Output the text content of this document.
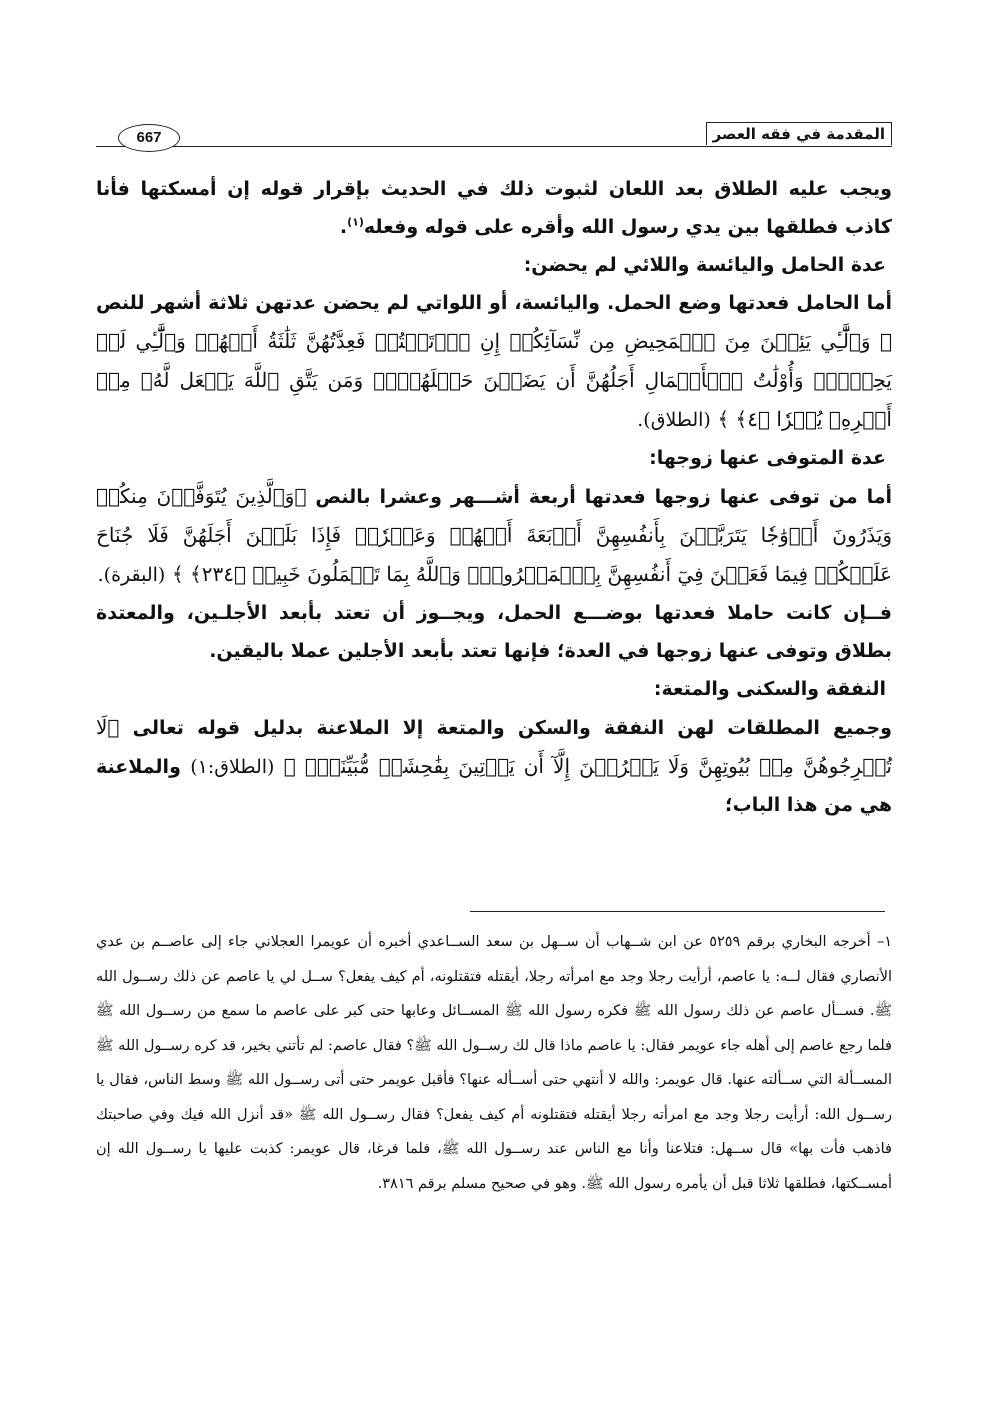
المقدمة في فقه العصر
667

ويجب عليه الطلاق بعد اللعان لثبوت ذلك في الحديث بإقرار قوله إن أمسكتها فأنا كاذب فطلقها بين يدي رسول الله وأقره على قوله وفعله$^{(١)}$.

عدة الحامل واليائسة واللائي لم يحضن:

أما الحامل فعدتها وضع الحمل. واليائسة، أو اللواتي لم يحضن عدتهن ثلاثة أشهر للنص ﴿ وَٱلَّٰٓـِٔي يَئِسۡنَ مِنَ ٱلۡمَحِيضِ مِن نِّسَآئِكُمۡ إِنِ ٱرۡتَبۡتُمۡ فَعِدَّتُهُنَّ ثَلَٰثَةُ أَشۡهُرٖ وَٱلَّٰٓـِٔي لَمۡ يَحِضۡنَۚ وَأُوْلَٰتُ ٱلۡأَحۡمَالِ أَجَلُهُنَّ أَن يَضَعۡنَ حَمۡلَهُنَّۚ وَمَن يَتَّقِ ٱللَّهَ يَجۡعَل لَّهُۥ مِنۡ أَمۡرِهِۦ يُسۡرٗا ﴿٤﴾ ﴾ (الطلاق).

عدة المتوفى عنها زوجها:

أما من توفى عنها زوجها فعدتها أربعة أشـــهر وعشرا بالنص ﴿وَٱلَّذِينَ يُتَوَفَّوۡنَ مِنكُمۡ وَيَذَرُونَ أَزۡوَٰجٗا يَتَرَبَّصۡنَ بِأَنفُسِهِنَّ أَرۡبَعَةَ أَشۡهُرٖ وَعَشۡرٗاۖ فَإِذَا بَلَغۡنَ أَجَلَهُنَّ فَلَا جُنَاحَ عَلَيۡكُمۡ فِيمَا فَعَلۡنَ فِيٓ أَنفُسِهِنَّ بِٱلۡمَعۡرُوفِۗ وَٱللَّهُ بِمَا تَعۡمَلُونَ خَبِيرٞ ﴿٢٣٤﴾ ﴾ (البقرة).

فــإن كانت حاملا فعدتها بوضـــع الحمل، ويجــوز أن تعتد بأبعد الأجلـين، والمعتدة بطلاق وتوفى عنها زوجها في العدة؛ فإنها تعتد بأبعد الأجلين عملا باليقين.

النفقة والسكنى والمتعة:

وجميع المطلقات لهن النفقة والسكن والمتعة إلا الملاعنة بدليل قوله تعالى ﴿لَا تُخۡرِجُوهُنَّ مِنۢ بُيُوتِهِنَّ وَلَا يَخۡرُجۡنَ إِلَّآ أَن يَأۡتِينَ بِفَٰحِشَةٖ مُّبَيِّنَةٖۚ ﴾ (الطلاق:١) والملاعنة هي من هذا الباب؛

١– أخرجه البخاري برقم ٥٢٥٩ عن ابن شــهاب أن ســهل بن سعد الســاعدي أخبره أن عويمرا العجلاني جاء إلى عاصــم بن عدي الأنصاري فقال لــه: يا عاصم، أرأيت رجلا وجد مع امرأته رجلا، أيقتله فتقتلونه، أم كيف يفعل؟ ســل لي يا عاصم عن ذلك رســول الله ﷺ. فســأل عاصم عن ذلك رسول الله ﷺ فكره رسول الله ﷺ المســائل وعابها حتى كبر على عاصم ما سمع من رســول الله ﷺ فلما رجع عاصم إلى أهله جاء عويمر فقال: يا عاصم ماذا قال لك رســول الله ﷺ؟ فقال عاصم: لم تأتني بخير، قد كره رســول الله ﷺ المســألة التي ســألته عنها. قال عويمر: والله لا أنتهي حتى أســأله عنها؟ فأقبل عويمر حتى أتى رســول الله ﷺ وسط الناس، فقال يا رســول الله: أرأيت رجلا وجد مع امرأته رجلا أيقتله فتقتلونه أم كيف يفعل؟ فقال رســول الله ﷺ «قد أنزل الله فيك وفي صاحبتك فاذهب فأت بها» قال ســهل: فتلاعنا وأنا مع الناس عند رســول الله ﷺ، فلما فرغا، قال عويمر: كذبت عليها يا رســول الله إن أمســكتها، فطلقها ثلاثا قبل أن يأمره رسول الله ﷺ. وهو في صحيح مسلم برقم ٣٨١٦.
